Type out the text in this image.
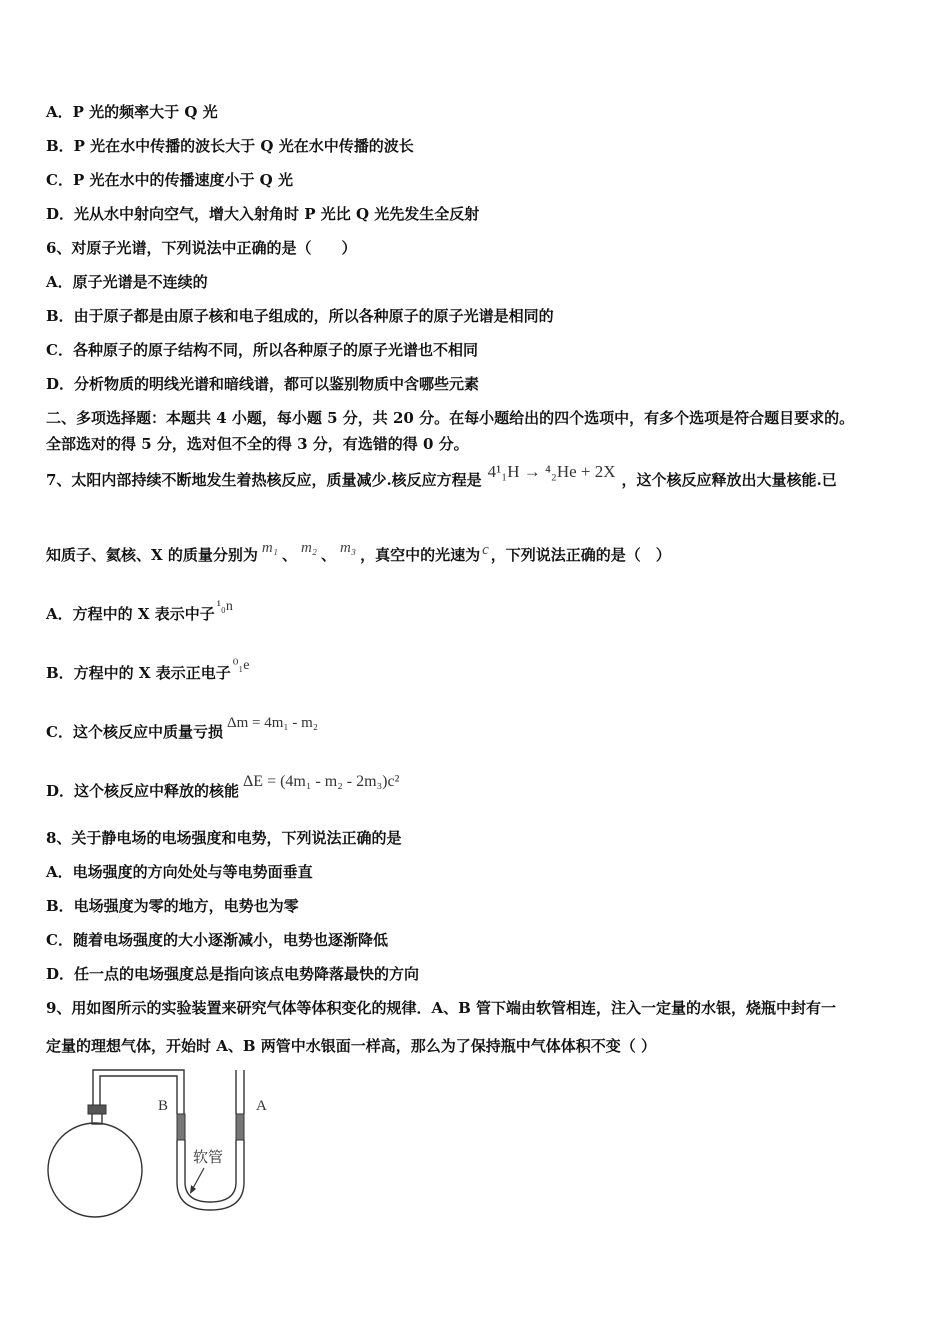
A．P 光的频率大于 Q 光
B．P 光在水中传播的波长大于 Q 光在水中传播的波长
C．P 光在水中的传播速度小于 Q 光
D．光从水中射向空气，增大入射角时 P 光比 Q 光先发生全反射
6、对原子光谱，下列说法中正确的是（　　）
A．原子光谱是不连续的
B．由于原子都是由原子核和电子组成的，所以各种原子的原子光谱是相同的
C．各种原子的原子结构不同，所以各种原子的原子光谱也不相同
D．分析物质的明线光谱和暗线谱，都可以鉴别物质中含哪些元素
二、多项选择题：本题共 4 小题，每小题 5 分，共 20 分。在每小题给出的四个选项中，有多个选项是符合题目要求的。
全部选对的得 5 分，选对但不全的得 3 分，有选错的得 0 分。
7、太阳内部持续不断地发生着热核反应，质量减少.核反应方程是 4¹₁H → ⁴₂He + 2X ，这个核反应释放出大量核能.已
知质子、氦核、X 的质量分别为 m₁ 、 m₂ 、 m₃ ，真空中的光速为 c ，下列说法正确的是（　）
A．方程中的 X 表示中子 ¹₀n
B．方程中的 X 表示正电子 ⁰₁e
C．这个核反应中质量亏损 Δm = 4m₁ - m₂
D．这个核反应中释放的核能ΔE = (4m₁ - m₂ - 2m₃)c²
8、关于静电场的电场强度和电势，下列说法正确的是
A．电场强度的方向处处与等电势面垂直
B．电场强度为零的地方，电势也为零
C．随着电场强度的大小逐渐减小，电势也逐渐降低
D．任一点的电场强度总是指向该点电势降落最快的方向
9、用如图所示的实验装置来研究气体等体积变化的规律．A、B 管下端由软管相连，注入一定量的水银，烧瓶中封有一
定量的理想气体，开始时 A、B 两管中水银面一样高，那么为了保持瓶中气体体积不变（ ）
B	A
软管
